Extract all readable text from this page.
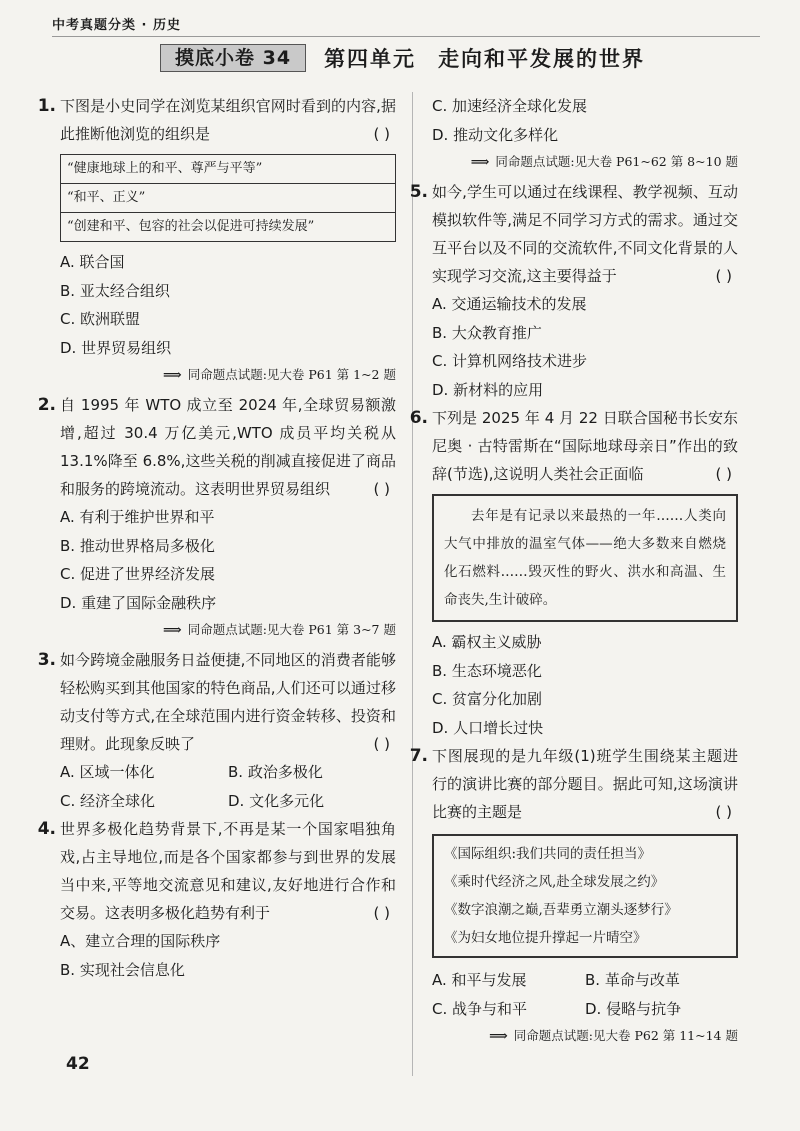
中考真题分类 · 历史
摸底小卷 34	第四单元 走向和平发展的世界
1. 下图是小史同学在浏览某组织官网时看到的内容,据此推断他浏览的组织是	( )
“健康地球上的和平、尊严与平等”
“和平、正义”
“创建和平、包容的社会以促进可持续发展”
A. 联合国
B. 亚太经合组织
C. 欧洲联盟
D. 世界贸易组织
⟹ 同命题点试题:见大卷 P61 第 1~2 题
2. 自 1995 年 WTO 成立至 2024 年,全球贸易额激增,超过 30.4 万亿美元,WTO 成员平均关税从 13.1%降至 6.8%,这些关税的削减直接促进了商品和服务的跨境流动。这表明世界贸易组织	( )
A. 有利于维护世界和平
B. 推动世界格局多极化
C. 促进了世界经济发展
D. 重建了国际金融秩序
⟹ 同命题点试题:见大卷 P61 第 3~7 题
3. 如今跨境金融服务日益便捷,不同地区的消费者能够轻松购买到其他国家的特色商品,人们还可以通过移动支付等方式,在全球范围内进行资金转移、投资和理财。此现象反映了	( )
A. 区域一体化	B. 政治多极化
C. 经济全球化	D. 文化多元化
4. 世界多极化趋势背景下,不再是某一个国家唱独角戏,占主导地位,而是各个国家都参与到世界的发展当中来,平等地交流意见和建议,友好地进行合作和交易。这表明多极化趋势有利于	( )
A、建立合理的国际秩序
B. 实现社会信息化
C. 加速经济全球化发展
D. 推动文化多样化
⟹ 同命题点试题:见大卷 P61~62 第 8~10 题
5. 如今,学生可以通过在线课程、教学视频、互动模拟软件等,满足不同学习方式的需求。通过交互平台以及不同的交流软件,不同文化背景的人实现学习交流,这主要得益于	( )
A. 交通运输技术的发展
B. 大众教育推广
C. 计算机网络技术进步
D. 新材料的应用
6. 下列是 2025 年 4 月 22 日联合国秘书长安东尼奥 · 古特雷斯在“国际地球母亲日”作出的致辞(节选),这说明人类社会正面临	( )
去年是有记录以来最热的一年……人类向大气中排放的温室气体——绝大多数来自燃烧化石燃料……毁灭性的野火、洪水和高温、生命丧失,生计破碎。
A. 霸权主义威胁
B. 生态环境恶化
C. 贫富分化加剧
D. 人口增长过快
7. 下图展现的是九年级(1)班学生围绕某主题进行的演讲比赛的部分题目。据此可知,这场演讲比赛的主题是	( )
《国际组织:我们共同的责任担当》
《乘时代经济之风,赴全球发展之约》
《数字浪潮之巅,吾辈勇立潮头逐梦行》
《为妇女地位提升撑起一片晴空》
A. 和平与发展	B. 革命与改革
C. 战争与和平	D. 侵略与抗争
⟹ 同命题点试题:见大卷 P62 第 11~14 题
42
